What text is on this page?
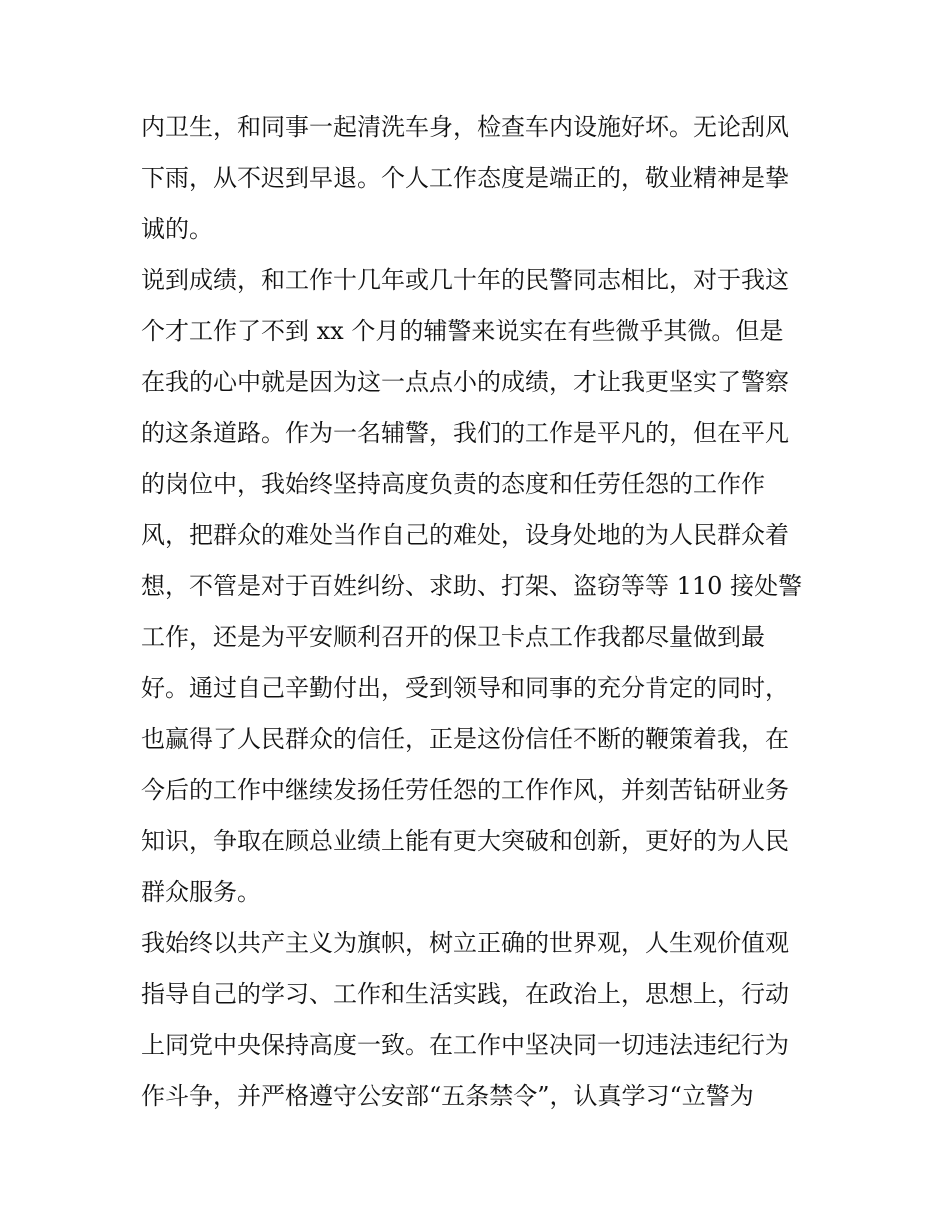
内卫生，和同事一起清洗车身，检查车内设施好坏。无论刮风
下雨，从不迟到早退。个人工作态度是端正的，敬业精神是挚
诚的。
说到成绩，和工作十几年或几十年的民警同志相比，对于我这
个才工作了不到 xx 个月的辅警来说实在有些微乎其微。但是
在我的心中就是因为这一点点小的成绩，才让我更坚实了警察
的这条道路。作为一名辅警，我们的工作是平凡的，但在平凡
的岗位中，我始终坚持高度负责的态度和任劳任怨的工作作
风，把群众的难处当作自己的难处，设身处地的为人民群众着
想，不管是对于百姓纠纷、求助、打架、盗窃等等 110 接处警
工作，还是为平安顺利召开的保卫卡点工作我都尽量做到最
好。通过自己辛勤付出，受到领导和同事的充分肯定的同时，
也赢得了人民群众的信任，正是这份信任不断的鞭策着我，在
今后的工作中继续发扬任劳任怨的工作作风，并刻苦钻研业务
知识，争取在顾总业绩上能有更大突破和创新，更好的为人民
群众服务。
我始终以共产主义为旗帜，树立正确的世界观，人生观价值观
指导自己的学习、工作和生活实践，在政治上，思想上，行动
上同党中央保持高度一致。在工作中坚决同一切违法违纪行为
作斗争，并严格遵守公安部“五条禁令”，认真学习“立警为
